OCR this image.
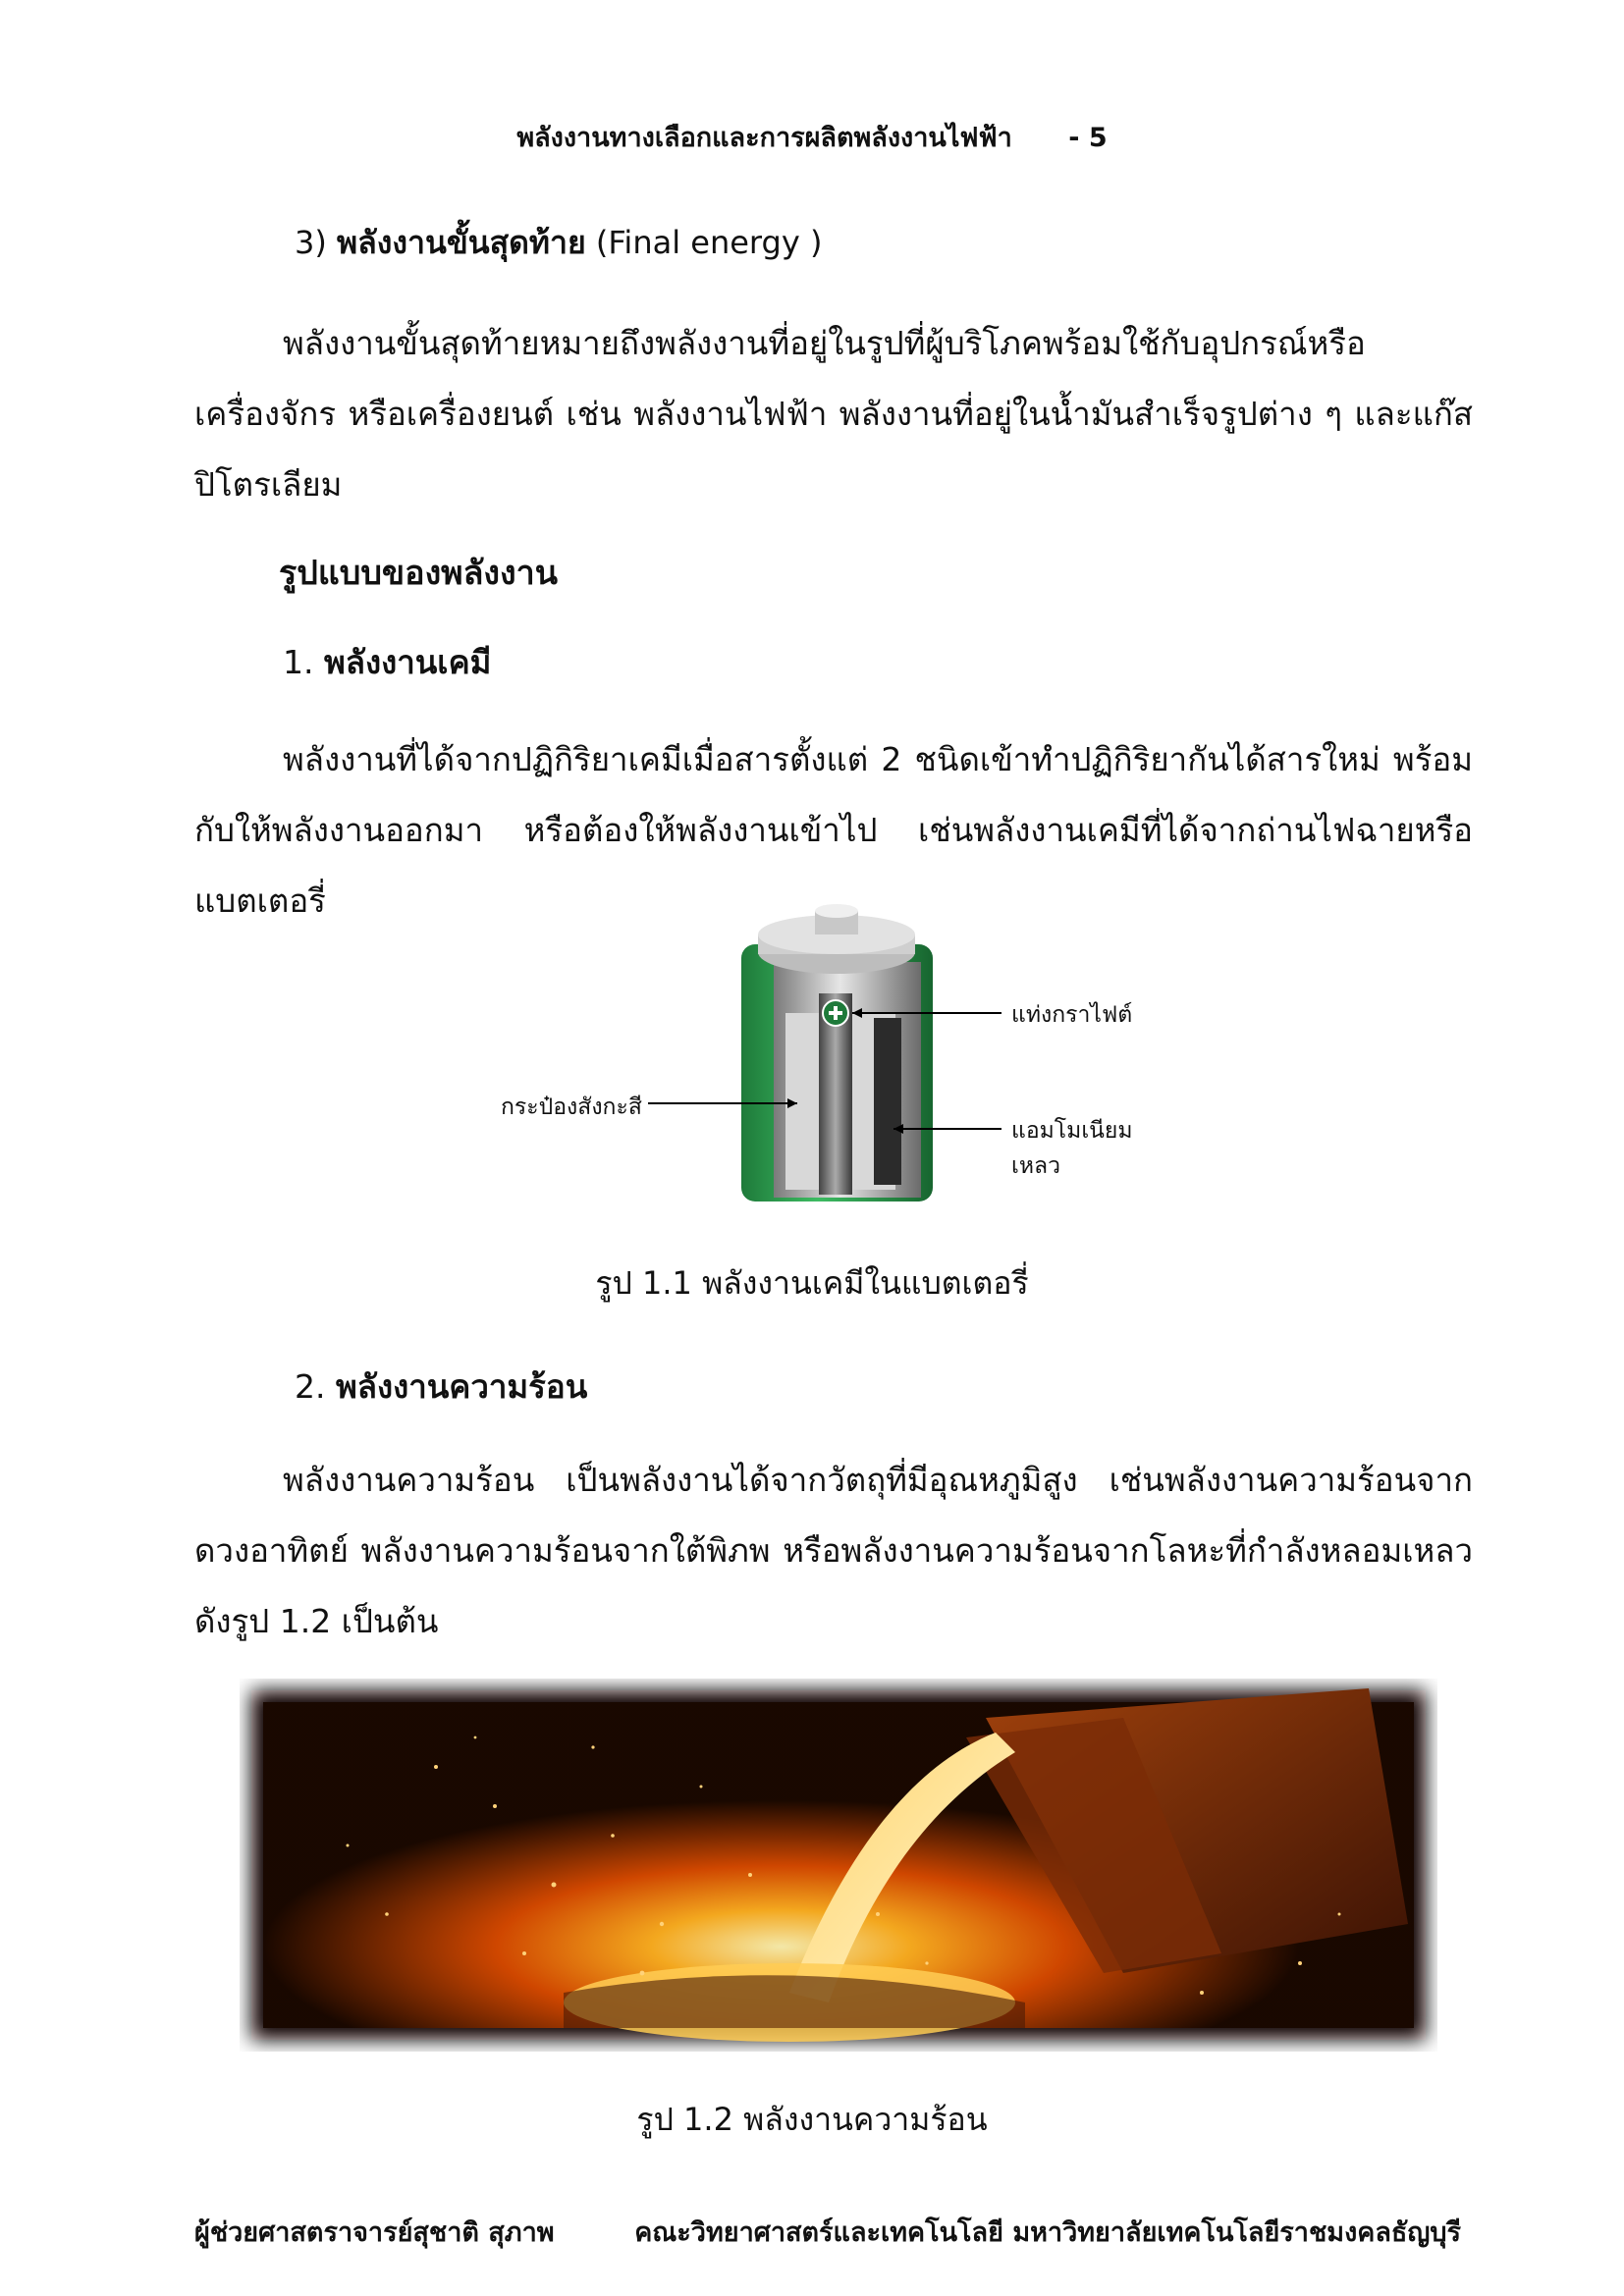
พลังงานทางเลือกและการผลิตพลังงานไฟฟ้า - 5
3) พลังงานขั้นสุดท้าย (Final energy )
พลังงานขั้นสุดท้ายหมายถึงพลังงานที่อยู่ในรูปที่ผู้บริโภคพร้อมใช้กับอุปกรณ์หรือเครื่องจักร หรือเครื่องยนต์ เช่น พลังงานไฟฟ้า พลังงานที่อยู่ในน้ำมันสำเร็จรูปต่าง ๆ และแก๊สปิโตรเลียม
รูปแบบของพลังงาน
1. พลังงานเคมี
พลังงานที่ได้จากปฏิกิริยาเคมีเมื่อสารตั้งแต่ 2 ชนิดเข้าทำปฏิกิริยากันได้สารใหม่ พร้อมกับให้พลังงานออกมา หรือต้องให้พลังงานเข้าไป เช่นพลังงานเคมีที่ได้จากถ่านไฟฉายหรือแบตเตอรี่
แท่งกราไฟต์
กระป๋องสังกะสี
แอมโมเนียมเหลว
รูป 1.1 พลังงานเคมีในแบตเตอรี่
2. พลังงานความร้อน
พลังงานความร้อน เป็นพลังงานได้จากวัตถุที่มีอุณหภูมิสูง เช่นพลังงานความร้อนจากดวงอาทิตย์ พลังงานความร้อนจากใต้พิภพ หรือพลังงานความร้อนจากโลหะที่กำลังหลอมเหลว ดังรูป 1.2 เป็นต้น
รูป 1.2 พลังงานความร้อน
ผู้ช่วยศาสตราจารย์สุชาติ สุภาพ	คณะวิทยาศาสตร์และเทคโนโลยี มหาวิทยาลัยเทคโนโลยีราชมงคลธัญบุรี
